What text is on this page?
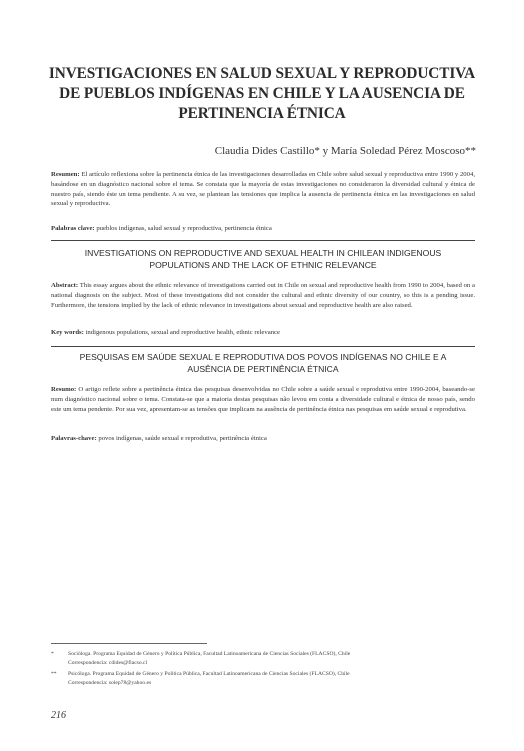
INVESTIGACIONES EN SALUD SEXUAL Y REPRODUCTIVA
DE PUEBLOS INDÍGENAS EN CHILE Y LA AUSENCIA DE
PERTINENCIA ÉTNICA
Claudia Dides Castillo* y María Soledad Pérez Moscoso**
Resumen: El artículo reflexiona sobre la pertinencia étnica de las investigaciones desarrolladas en Chile sobre salud sexual y reproductiva entre 1990 y 2004, basándose en un diagnóstico nacional sobre el tema. Se constata que la mayoría de estas investigaciones no consideraron la diversidad cultural y étnica de nuestro país, siendo éste un tema pendiente. A su vez, se plantean las tensiones que implica la ausencia de pertinencia étnica en las investigaciones en salud sexual y reproductiva.
Palabras clave: pueblos indígenas, salud sexual y reproductiva, pertinencia étnica
INVESTIGATIONS ON REPRODUCTIVE AND SEXUAL HEALTH IN CHILEAN INDIGENOUS
POPULATIONS AND THE LACK OF ETHNIC RELEVANCE
Abstract: This essay argues about the ethnic relevance of investigations carried out in Chile on sexual and reproductive health from 1990 to 2004, based on a national diagnosis on the subject. Most of these investigations did not consider the cultural and ethnic diversity of our country, so this is a pending issue. Furthermore, the tensions implied by the lack of ethnic relevance in investigations about sexual and reproductive health are also raised.
Key words: indigenous populations, sexual and reproductive health, ethnic relevance
PESQUISAS EM SAÚDE SEXUAL E REPRODUTIVA DOS POVOS INDÍGENAS NO CHILE E A
AUSÊNCIA DE PERTINÊNCIA ÉTNICA
Resumo: O artigo reflete sobre a pertinência étnica das pesquisas desenvolvidas no Chile sobre a saúde sexual e reprodutiva entre 1990-2004, baseando-se num diagnóstico nacional sobre o tema. Constata-se que a maioria destas pesquisas não levou em conta a diversidade cultural e étnica de nosso país, sendo este um tema pendente. Por sua vez, apresentam-se as tensões que implicam na ausência de pertinência étnica nas pesquisas em saúde sexual e reprodutiva.
Palavras-chave: povos indígenas, saúde sexual e reprodutiva, pertinência étnica
*	Socióloga. Programa Equidad de Género y Política Pública, Facultad Latinoamericana de Ciencias Sociales (FLACSO), Chile
Correspondencia: cdides@flacso.cl
** Psicóloga. Programa Equidad de Género y Política Pública, Facultad Latinoamericana de Ciencias Sociales (FLACSO), Chile
Correspondencia: solep78@yahoo.es
216
